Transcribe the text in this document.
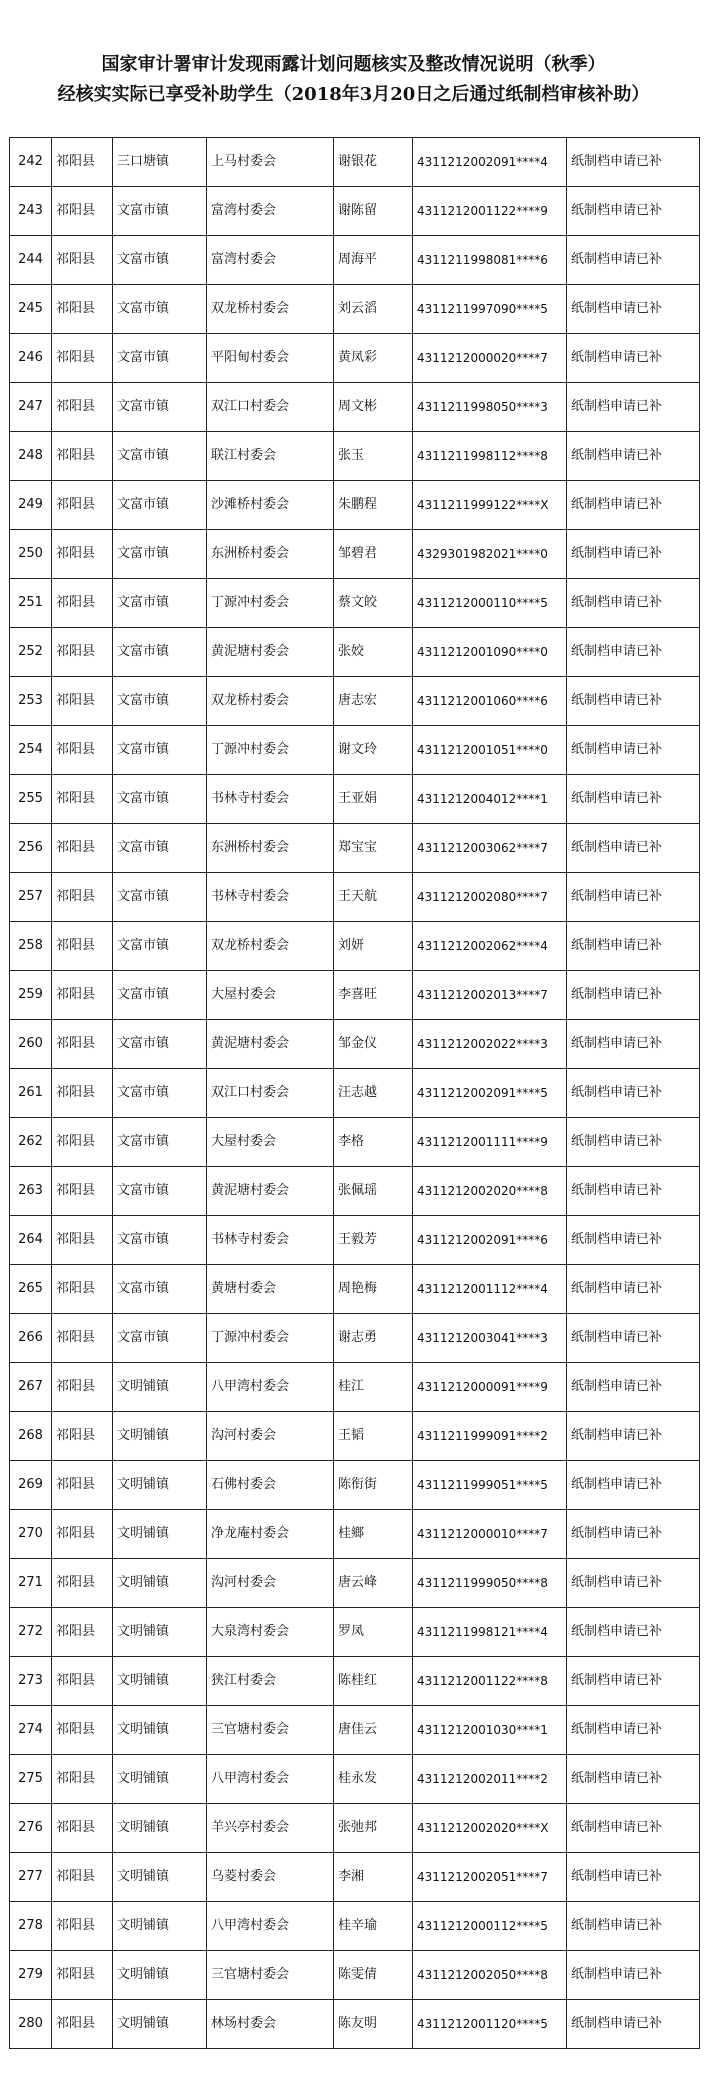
国家审计署审计发现雨露计划问题核实及整改情况说明（秋季）
经核实实际已享受补助学生（2018年3月20日之后通过纸制档审核补助）
242	祁阳县	三口塘镇	上马村委会	谢银花	4311212002091****4	纸制档申请已补
243	祁阳县	文富市镇	富湾村委会	谢陈留	4311212001122****9	纸制档申请已补
244	祁阳县	文富市镇	富湾村委会	周海平	4311211998081****6	纸制档申请已补
245	祁阳县	文富市镇	双龙桥村委会	刘云滔	4311211997090****5	纸制档申请已补
246	祁阳县	文富市镇	平阳甸村委会	黄凤彩	4311212000020****7	纸制档申请已补
247	祁阳县	文富市镇	双江口村委会	周文彬	4311211998050****3	纸制档申请已补
248	祁阳县	文富市镇	联江村委会	张玉	4311211998112****8	纸制档申请已补
249	祁阳县	文富市镇	沙滩桥村委会	朱鹏程	4311211999122****X	纸制档申请已补
250	祁阳县	文富市镇	东洲桥村委会	邹碧君	4329301982021****0	纸制档申请已补
251	祁阳县	文富市镇	丁源冲村委会	蔡文皎	4311212000110****5	纸制档申请已补
252	祁阳县	文富市镇	黄泥塘村委会	张姣	4311212001090****0	纸制档申请已补
253	祁阳县	文富市镇	双龙桥村委会	唐志宏	4311212001060****6	纸制档申请已补
254	祁阳县	文富市镇	丁源冲村委会	谢文玲	4311212001051****0	纸制档申请已补
255	祁阳县	文富市镇	书林寺村委会	王亚娟	4311212004012****1	纸制档申请已补
256	祁阳县	文富市镇	东洲桥村委会	郑宝宝	4311212003062****7	纸制档申请已补
257	祁阳县	文富市镇	书林寺村委会	王天航	4311212002080****7	纸制档申请已补
258	祁阳县	文富市镇	双龙桥村委会	刘妍	4311212002062****4	纸制档申请已补
259	祁阳县	文富市镇	大屋村委会	李喜旺	4311212002013****7	纸制档申请已补
260	祁阳县	文富市镇	黄泥塘村委会	邹金仪	4311212002022****3	纸制档申请已补
261	祁阳县	文富市镇	双江口村委会	汪志越	4311212002091****5	纸制档申请已补
262	祁阳县	文富市镇	大屋村委会	李格	4311212001111****9	纸制档申请已补
263	祁阳县	文富市镇	黄泥塘村委会	张佩瑶	4311212002020****8	纸制档申请已补
264	祁阳县	文富市镇	书林寺村委会	王毅芳	4311212002091****6	纸制档申请已补
265	祁阳县	文富市镇	黄塘村委会	周艳梅	4311212001112****4	纸制档申请已补
266	祁阳县	文富市镇	丁源冲村委会	谢志勇	4311212003041****3	纸制档申请已补
267	祁阳县	文明铺镇	八甲湾村委会	桂江	4311212000091****9	纸制档申请已补
268	祁阳县	文明铺镇	沟河村委会	王韬	4311211999091****2	纸制档申请已补
269	祁阳县	文明铺镇	石佛村委会	陈衔街	4311211999051****5	纸制档申请已补
270	祁阳县	文明铺镇	净龙庵村委会	桂鄉	4311212000010****7	纸制档申请已补
271	祁阳县	文明铺镇	沟河村委会	唐云峰	4311211999050****8	纸制档申请已补
272	祁阳县	文明铺镇	大泉湾村委会	罗凤	4311211998121****4	纸制档申请已补
273	祁阳县	文明铺镇	狭江村委会	陈桂红	4311212001122****8	纸制档申请已补
274	祁阳县	文明铺镇	三官塘村委会	唐佳云	4311212001030****1	纸制档申请已补
275	祁阳县	文明铺镇	八甲湾村委会	桂永发	4311212002011****2	纸制档申请已补
276	祁阳县	文明铺镇	羊兴亭村委会	张弛邦	4311212002020****X	纸制档申请已补
277	祁阳县	文明铺镇	乌菱村委会	李湘	4311212002051****7	纸制档申请已补
278	祁阳县	文明铺镇	八甲湾村委会	桂辛瑜	4311212000112****5	纸制档申请已补
279	祁阳县	文明铺镇	三官塘村委会	陈雯倩	4311212002050****8	纸制档申请已补
280	祁阳县	文明铺镇	林场村委会	陈友明	4311212001120****5	纸制档申请已补
